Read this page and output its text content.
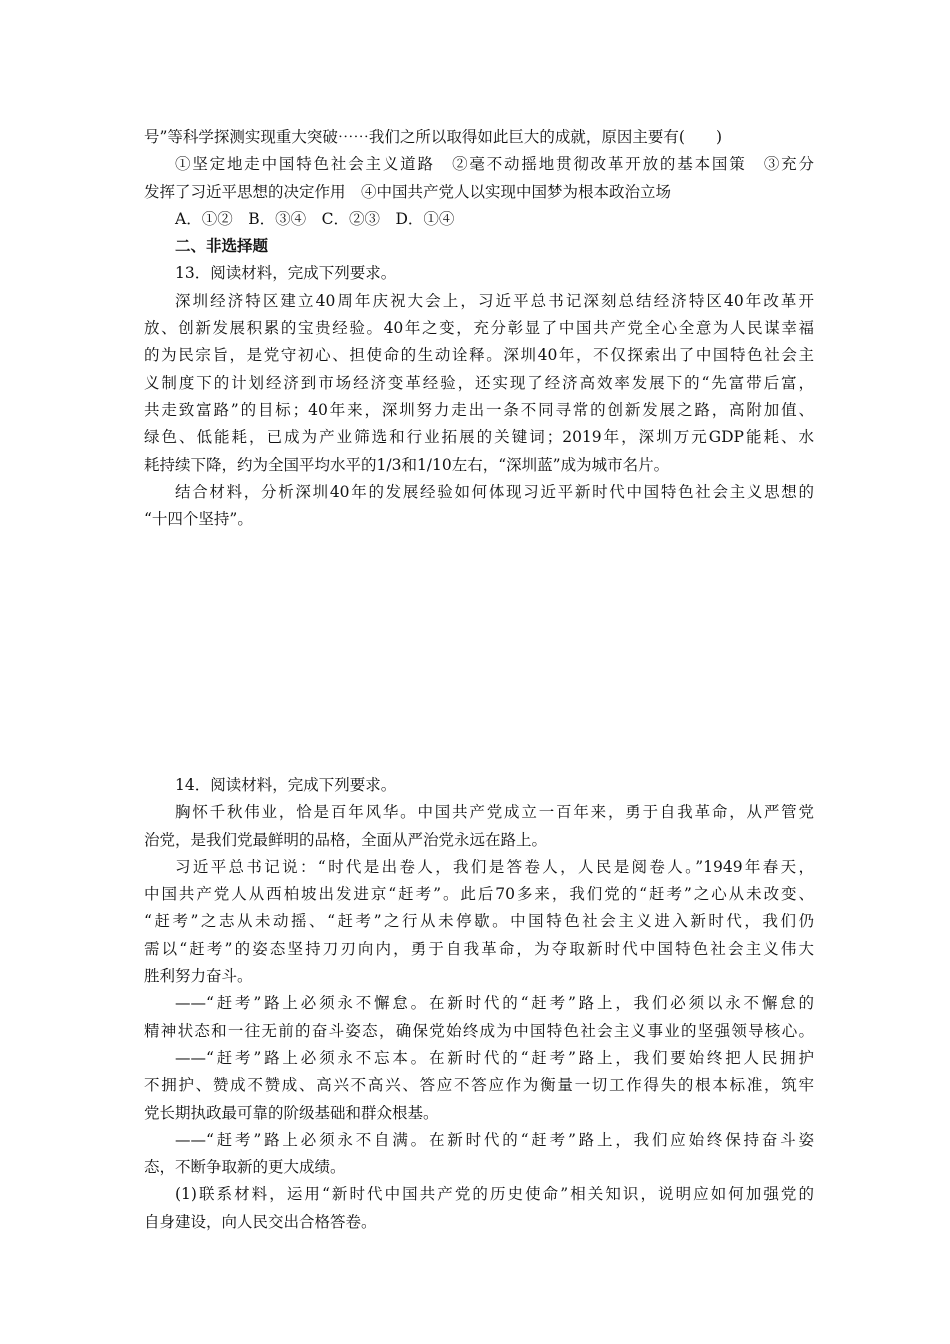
号”等科学探测实现重大突破⋯⋯我们之所以取得如此巨大的成就，原因主要有(　　)
①坚定地走中国特色社会主义道路　②毫不动摇地贯彻改革开放的基本国策　③充分
发挥了习近平思想的决定作用　④中国共产党人以实现中国梦为根本政治立场
A．①②　B．③④　C．②③　D．①④
二、非选择题
13．阅读材料，完成下列要求。
深圳经济特区建立40周年庆祝大会上，习近平总书记深刻总结经济特区40年改革开
放、创新发展积累的宝贵经验。40年之变，充分彰显了中国共产党全心全意为人民谋幸福
的为民宗旨，是党守初心、担使命的生动诠释。深圳40年，不仅探索出了中国特色社会主
义制度下的计划经济到市场经济变革经验，还实现了经济高效率发展下的“先富带后富，
共走致富路”的目标；40年来，深圳努力走出一条不同寻常的创新发展之路，高附加值、
绿色、低能耗，已成为产业筛选和行业拓展的关键词；2019年，深圳万元GDP能耗、水
耗持续下降，约为全国平均水平的1/3和1/10左右，“深圳蓝”成为城市名片。
结合材料，分析深圳40年的发展经验如何体现习近平新时代中国特色社会主义思想的
“十四个坚持”。
14．阅读材料，完成下列要求。
胸怀千秋伟业，恰是百年风华。中国共产党成立一百年来，勇于自我革命，从严管党
治党，是我们党最鲜明的品格，全面从严治党永远在路上。
习近平总书记说：“时代是出卷人，我们是答卷人，人民是阅卷人。”1949年春天，
中国共产党人从西柏坡出发进京“赶考”。此后70多来，我们党的“赶考”之心从未改变、
“赶考”之志从未动摇、“赶考”之行从未停歇。中国特色社会主义进入新时代，我们仍
需以“赶考”的姿态坚持刀刃向内，勇于自我革命，为夺取新时代中国特色社会主义伟大
胜利努力奋斗。
——“赶考”路上必须永不懈怠。在新时代的“赶考”路上，我们必须以永不懈怠的
精神状态和一往无前的奋斗姿态，确保党始终成为中国特色社会主义事业的坚强领导核心。
——“赶考”路上必须永不忘本。在新时代的“赶考”路上，我们要始终把人民拥护
不拥护、赞成不赞成、高兴不高兴、答应不答应作为衡量一切工作得失的根本标准，筑牢
党长期执政最可靠的阶级基础和群众根基。
——“赶考”路上必须永不自满。在新时代的“赶考”路上，我们应始终保持奋斗姿
态，不断争取新的更大成绩。
(1)联系材料，运用“新时代中国共产党的历史使命”相关知识，说明应如何加强党的
自身建设，向人民交出合格答卷。
